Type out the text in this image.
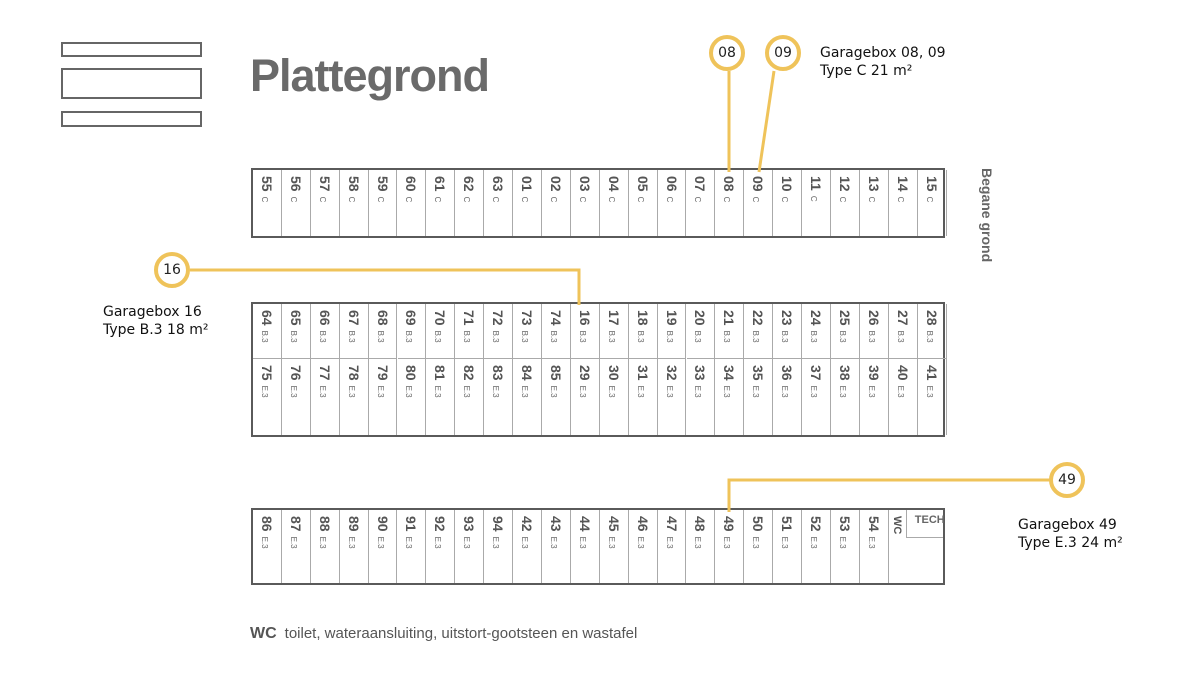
Plattegrond
55
C
56
C
57
C
58
C
59
C
60
C
61
C
62
C
63
C
01
C
02
C
03
C
04
C
05
C
06
C
07
C
08
C
09
C
10
C
11
C
12
C
13
C
14
C
15
C
64
B.3
65
B.3
66
B.3
67
B.3
68
B.3
69
B.3
70
B.3
71
B.3
72
B.3
73
B.3
74
B.3
16
B.3
17
B.3
18
B.3
19
B.3
20
B.3
21
B.3
22
B.3
23
B.3
24
B.3
25
B.3
26
B.3
27
B.3
28
B.3
75
E.3
76
E.3
77
E.3
78
E.3
79
E.3
80
E.3
81
E.3
82
E.3
83
E.3
84
E.3
85
E.3
29
E.3
30
E.3
31
E.3
32
E.3
33
E.3
34
E.3
35
E.3
36
E.3
37
E.3
38
E.3
39
E.3
40
E.3
41
E.3
86
E.3
87
E.3
88
E.3
89
E.3
90
E.3
91
E.3
92
E.3
93
E.3
94
E.3
42
E.3
43
E.3
44
E.3
45
E.3
46
E.3
47
E.3
48
E.3
49
E.3
50
E.3
51
E.3
52
E.3
53
E.3
54
E.3
WC	TECH
Begane grond
08	09
16
49
Garagebox 08, 09
Type C 21 m²
Garagebox 16
Type B.3 18 m²
Garagebox 49
Type E.3 24 m²
WC toilet, wateraansluiting, uitstort-gootsteen en wastafel
